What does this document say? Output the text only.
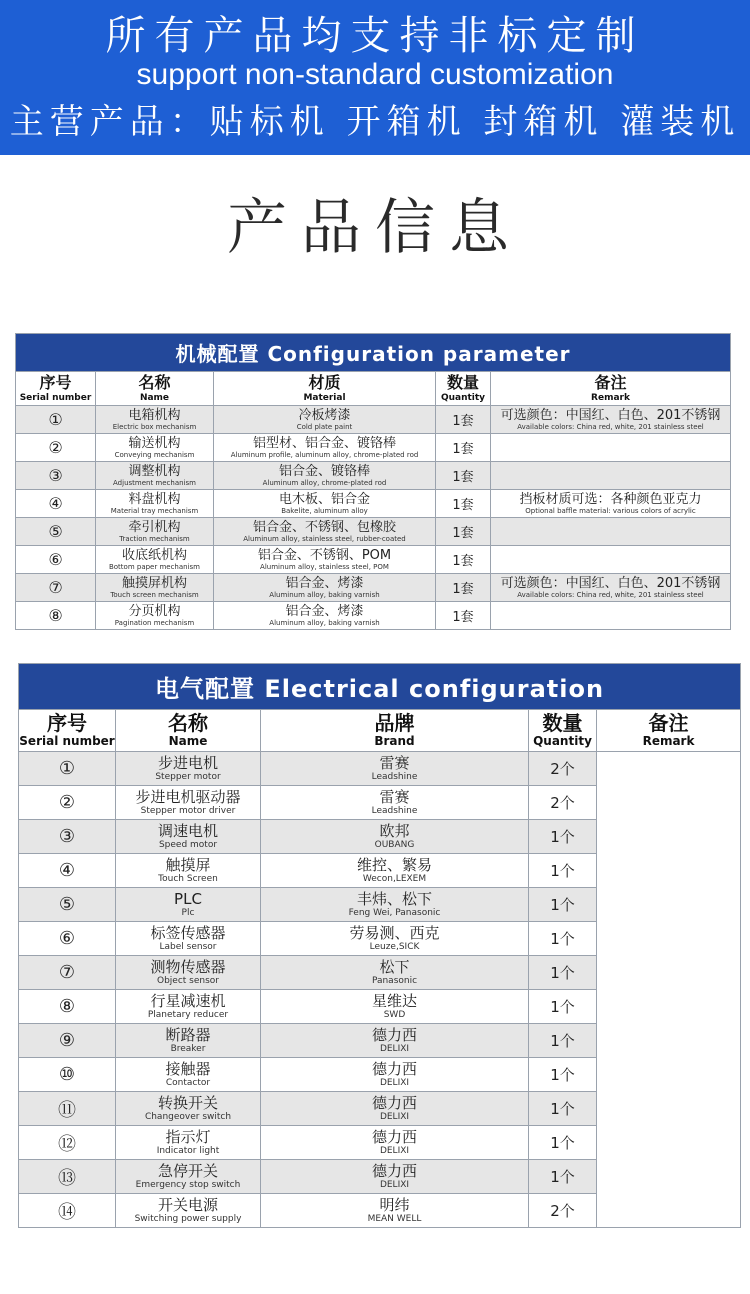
所有产品均支持非标定制
support non-standard customization
主营产品：贴标机 开箱机 封箱机 灌装机
产品信息
机械配置 Configuration parameter				

序号
Serial number	名称
Name	材质
Material	数量
Quantity	备注
Remark

①	电箱机构
Electric box mechanism	冷板烤漆
Cold plate paint	1套	可选颜色：中国红、白色、201不锈钢
Available colors: China red, white, 201 stainless steel

②	输送机构
Conveying mechanism	铝型材、铝合金、镀铬棒
Aluminum profile, aluminum alloy, chrome-plated rod	1套	
③	调整机构
Adjustment mechanism	铝合金、镀铬棒
Aluminum alloy, chrome-plated rod	1套	
④	料盘机构
Material tray mechanism	电木板、铝合金
Bakelite, aluminum alloy	1套	挡板材质可选：各种颜色亚克力
Optional baffle material: various colors of acrylic

⑤	牵引机构
Traction mechanism	铝合金、不锈钢、包橡胶
Aluminum alloy, stainless steel, rubber-coated	1套	
⑥	收底纸机构
Bottom paper mechanism	铝合金、不锈钢、POM
Aluminum alloy, stainless steel, POM	1套	
⑦	触摸屏机构
Touch screen mechanism	铝合金、烤漆
Aluminum alloy, baking varnish	1套	可选颜色：中国红、白色、201不锈钢
Available colors: China red, white, 201 stainless steel

⑧	分页机构
Pagination mechanism	铝合金、烤漆
Aluminum alloy, baking varnish	1套	
电气配置 Electrical configuration				

序号
Serial number	名称
Name	品牌
Brand	数量
Quantity	备注
Remark

①	步进电机
Stepper motor	雷赛
Leadshine	2个	
②	步进电机驱动器
Stepper motor driver	雷赛
Leadshine	2个	
③	调速电机
Speed motor	欧邦
OUBANG	1个	
④	触摸屏
Touch Screen	维控、繁易
Wecon,LEXEM	1个	
⑤	PLC
Plc	丰炜、松下
Feng Wei, Panasonic	1个	
⑥	标签传感器
Label sensor	劳易测、西克
Leuze,SICK	1个	
⑦	测物传感器
Object sensor	松下
Panasonic	1个	
⑧	行星减速机
Planetary reducer	星维达
SWD	1个	
⑨	断路器
Breaker	德力西
DELIXI	1个	
⑩	接触器
Contactor	德力西
DELIXI	1个	
⑪	转换开关
Changeover switch	德力西
DELIXI	1个	
⑫	指示灯
Indicator light	德力西
DELIXI	1个	
⑬	急停开关
Emergency stop switch	德力西
DELIXI	1个	
⑭	开关电源
Switching power supply	明纬
MEAN WELL	2个	
